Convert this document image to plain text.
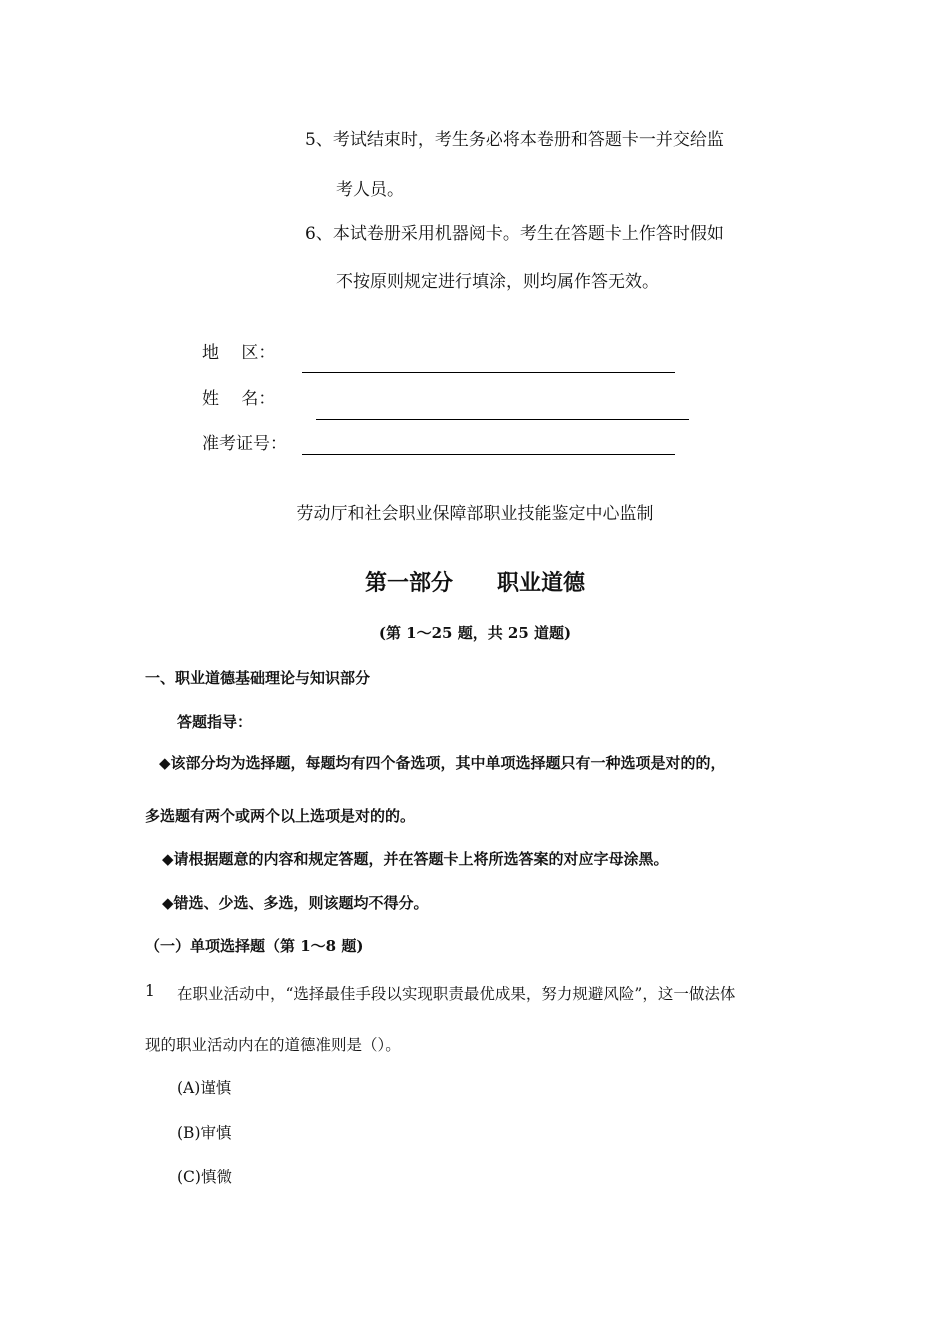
5、考试结束时，考生务必将本卷册和答题卡一并交给监
考人员。
6、本试卷册采用机器阅卡。考生在答题卡上作答时假如
不按原则规定进行填涂，则均属作答无效。
地　 区：
姓　 名：
准考证号：
劳动厅和社会职业保障部职业技能鉴定中心监制
第一部分　　职业道德
(第 1～25 题，共 25 道题)
一、职业道德基础理论与知识部分
答题指导：
◆该部分均为选择题，每题均有四个备选项，其中单项选择题只有一种选项是对的的，
多选题有两个或两个以上选项是对的的。
◆请根据题意的内容和规定答题，并在答题卡上将所选答案的对应字母涂黑。
◆错选、少选、多选，则该题均不得分。
（一）单项选择题（第 1～8 题)
1 在职业活动中，“选择最佳手段以实现职责最优成果，努力规避风险”，这一做法体
现的职业活动内在的道德准则是（）。
(A)谨慎
(B)审慎
(C)慎微
